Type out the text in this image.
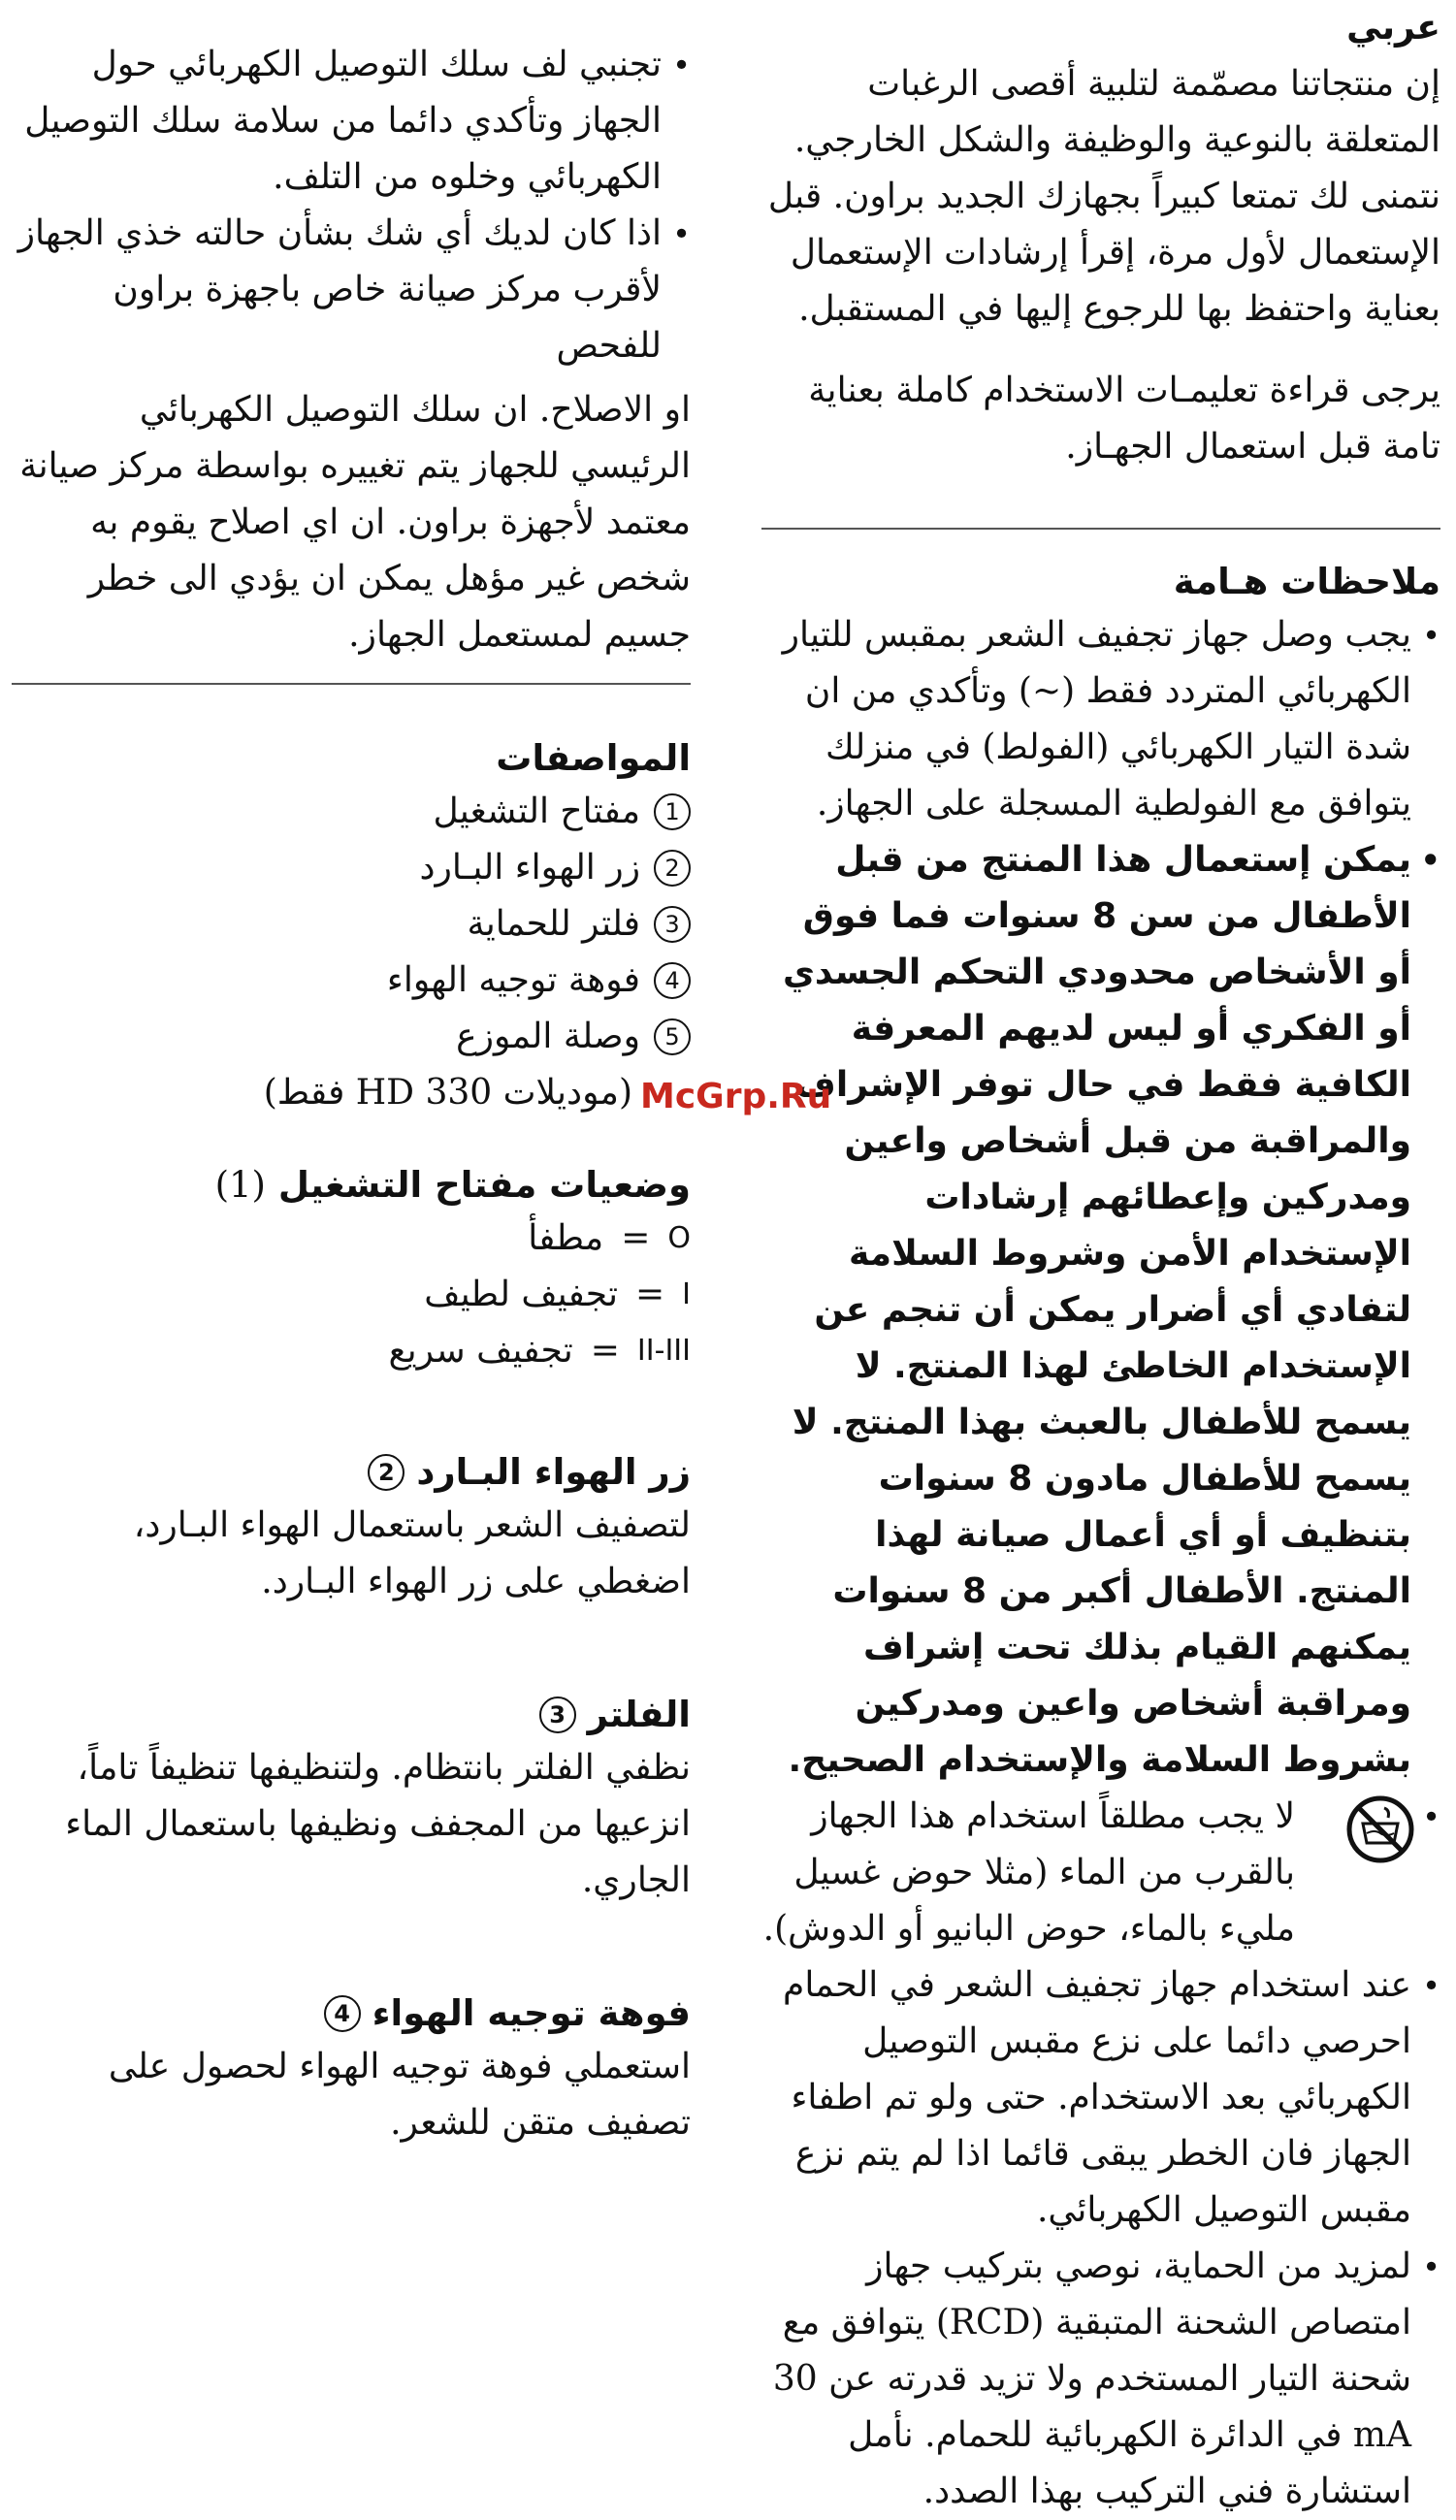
عربي

إن منتجاتنا مصمّمة لتلبية أقصى الرغبات المتعلقة بالنوعية والوظيفة والشكل الخارجي. نتمنى لك تمتعا كبيراً بجهازك الجديد براون. قبل الإستعمال لأول مرة، إقرأ إرشادات الإستعمال بعناية واحتفظ بها للرجوع إليها في المستقبل.

يرجى قراءة تعليمـات الاستخدام كاملة بعناية تامة قبل استعمال الجهـاز.

ملاحظات هـامة
• يجب وصل جهاز تجفيف الشعر بمقبس للتيار الكهربائي المتردد فقط (~) وتأكدي من ان شدة التيار الكهربائي (الفولط) في منزلك يتوافق مع الفولطية المسجلة على الجهاز.
• يمكن إستعمال هذا المنتج من قبل الأطفال من سن 8 سنوات فما فوق أو الأشخاص محدودي التحكم الجسدي أو الفكري أو ليس لديهم المعرفة الكافية فقط في حال توفر الإشراف والمراقبة من قبل أشخاص واعين ومدركين وإعطائهم إرشادات الإستخدام الأمن وشروط السلامة لتفادي أي أضرار يمكن أن تنجم عن الإستخدام الخاطئ لهذا المنتج. لا يسمح للأطفال بالعبث بهذا المنتج. لا يسمح للأطفال مادون 8 سنوات بتنظيف أو أي أعمال صيانة لهذا المنتج. الأطفال أكبر من 8 سنوات يمكنهم القيام بذلك تحت إشراف ومراقبة أشخاص واعين ومدركين بشروط السلامة والإستخدام الصحيح.
• لا يجب مطلقاً استخدام هذا الجهاز بالقرب من الماء (مثلا حوض غسيل مليء بالماء، حوض البانيو أو الدوش).
• عند استخدام جهاز تجفيف الشعر في الحمام احرصي دائما على نزع مقبس التوصيل الكهربائي بعد الاستخدام. حتى ولو تم اطفاء الجهاز فان الخطر يبقى قائما اذا لم يتم نزع مقبس التوصيل الكهربائي.
• لمزيد من الحماية، نوصي بتركيب جهاز امتصاص الشحنة المتبقية (RCD) يتوافق مع شحنة التيار المستخدم ولا تزيد قدرته عن 30 mA في الدائرة الكهربائية للحمام. نأمل استشارة فني التركيب بهذا الصدد.
• تجنبي لف سلك التوصيل الكهربائي حول الجهاز وتأكدي دائما من سلامة سلك التوصيل الكهربائي وخلوه من التلف.
• اذا كان لديك أي شك بشأن حالته خذي الجهاز لأقرب مركز صيانة خاص باجهزة براون للفحص

او الاصلاح. ان سلك التوصيل الكهربائي الرئيسي للجهاز يتم تغييره بواسطة مركز صيانة معتمد لأجهزة براون. ان اي اصلاح يقوم به شخص غير مؤهل يمكن ان يؤدي الى خطر جسيم لمستعمل الجهاز.

المواصفات
1
مفتاح التشغيل
2
زر الهواء البـارد
3
فلتر للحماية
4
فوهة توجيه الهواء
5
وصلة الموزع
(موديلات HD 330 فقط)
وضعيات مفتاح التشغيل (1)
O
=
مطفأ
I
=
تجفيف لطيف
II-III
=
تجفيف سريع
زر الهواء البـارد
2

لتصفيف الشعر باستعمال الهواء البـارد، اضغطي على زر الهواء البـارد.

الفلتر
3

نظفي الفلتر بانتظام. ولتنظيفها تنظيفاً تاماً، انزعيها من المجفف ونظيفها باستعمال الماء الجاري.

فوهة توجيه الهواء
4

استعملي فوهة توجيه الهواء لحصول على تصفيف متقن للشعر.

McGrp.Ru
